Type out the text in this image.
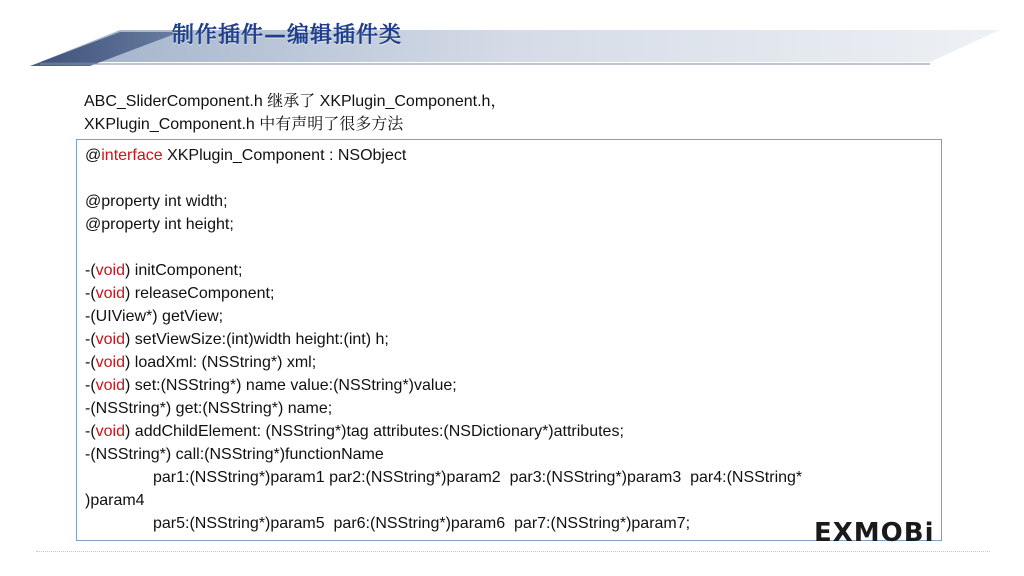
制作插件—编辑插件类
ABC_SliderComponent.h 继承了 XKPlugin_Component.h，
XKPlugin_Component.h 中有声明了很多方法
@interface XKPlugin_Component : NSObject
@property int width;
@property int height;
-(void) initComponent;
-(void) releaseComponent;
-(UIView*) getView;
-(void) setViewSize:(int)width height:(int) h;
-(void) loadXml: (NSString*) xml;
-(void) set:(NSString*) name value:(NSString*)value;
-(NSString*) get:(NSString*) name;
-(void) addChildElement: (NSString*)tag attributes:(NSDictionary*)attributes;
-(NSString*) call:(NSString*)functionName
par1:(NSString*)param1 par2:(NSString*)param2  par3:(NSString*)param3  par4:(NSString*
)param4
par5:(NSString*)param5  par6:(NSString*)param6  par7:(NSString*)param7;	EXMOBi
